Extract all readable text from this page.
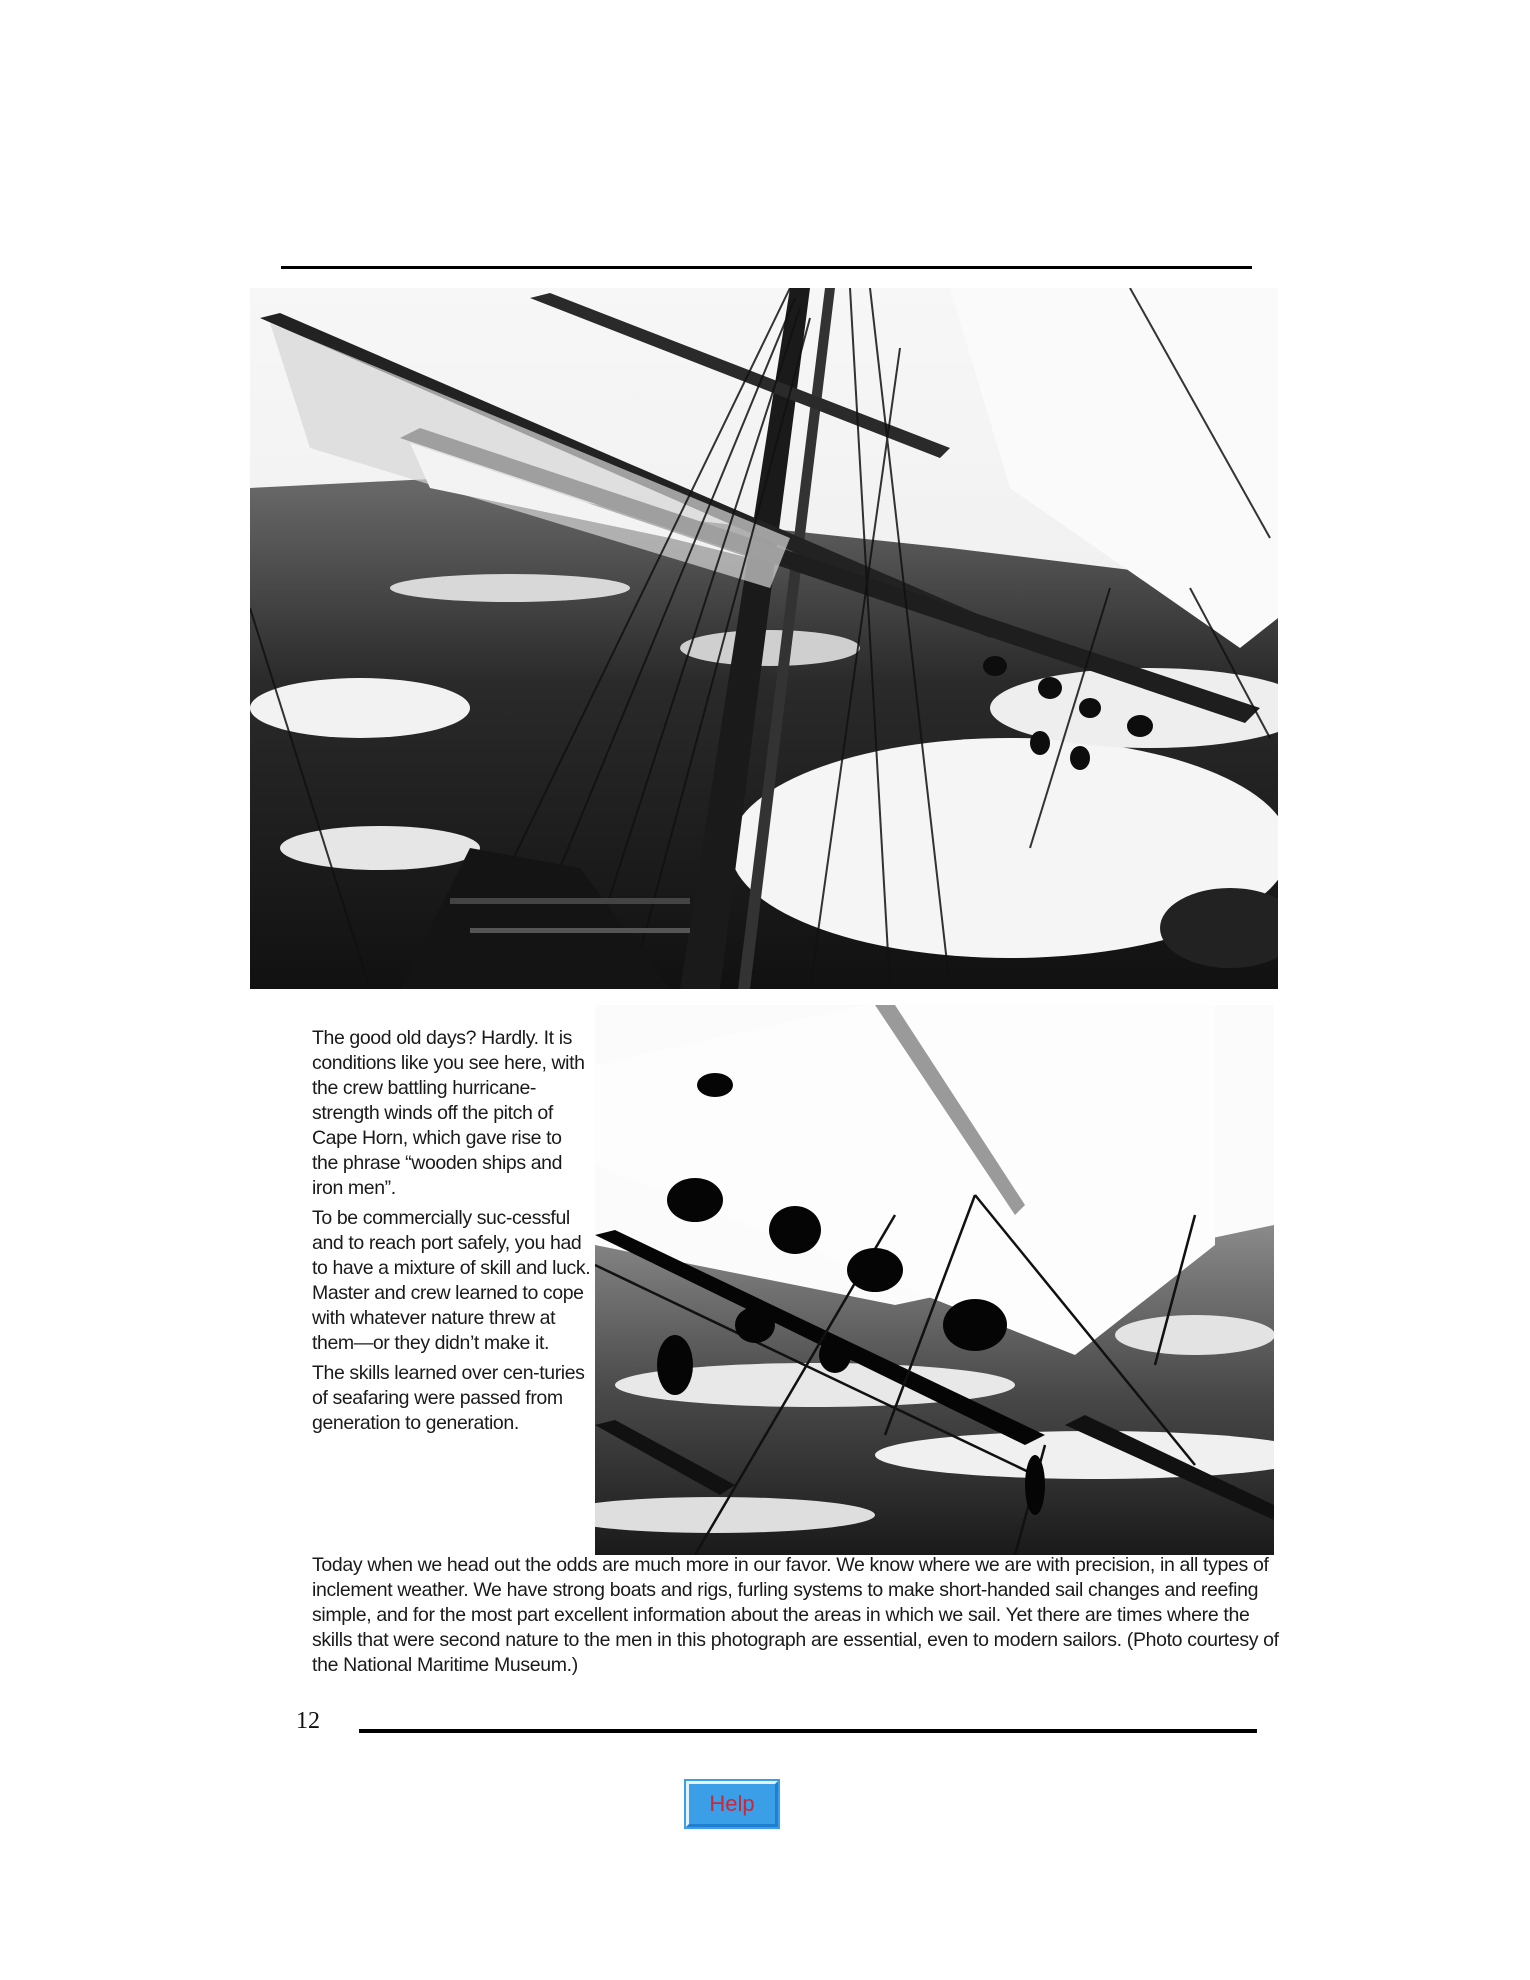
The good old days? Hardly. It is conditions like you see here, with the crew battling hurricane-strength winds off the pitch of Cape Horn, which gave rise to the phrase “wooden ships and iron men”.

To be commercially suc-cessful and to reach port safely, you had to have a mixture of skill and luck. Master and crew learned to cope with whatever nature threw at them—or they didn’t make it.

The skills learned over cen-turies of seafaring were passed from generation to generation.

Today when we head out the odds are much more in our favor. We know where we are with precision, in all types of inclement weather. We have strong boats and rigs, furling systems to make short-handed sail changes and reefing simple, and for the most part excellent information about the areas in which we sail. Yet there are times where the skills that were second nature to the men in this photograph are essential, even to modern sailors. (Photo courtesy of the National Maritime Museum.)

12
Help
